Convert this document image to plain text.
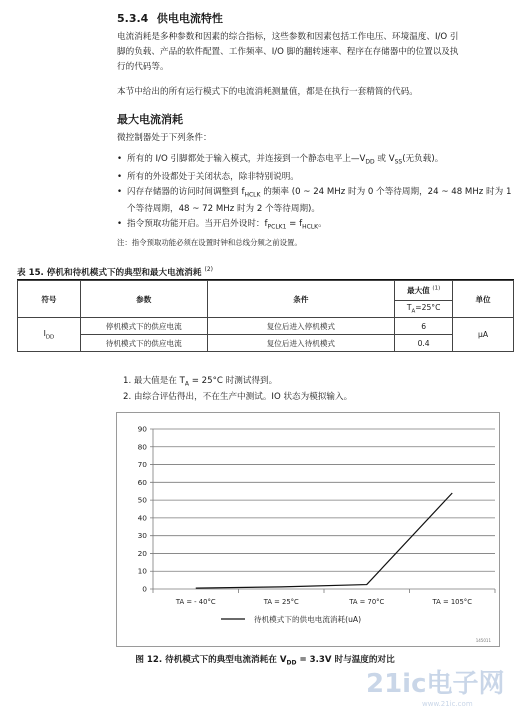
5.3.4 供电电流特性
电流消耗是多种参数和因素的综合指标，这些参数和因素包括工作电压、环境温度、I/O 引
脚的负载、产品的软件配置、工作频率、I/O 脚的翻转速率、程序在存储器中的位置以及执
行的代码等。
本节中给出的所有运行模式下的电流消耗测量值，都是在执行一套精简的代码。
最大电流消耗
微控制器处于下列条件：
• 所有的 I/O 引脚都处于输入模式，并连接到一个静态电平上$—V_{DD}$ 或 $V_{SS}$(无负载)。
• 所有的外设都处于关闭状态，除非特别说明。
• 闪存存储器的访问时间调整到 $f_{HCLK}$ 的频率 (0 ~ 24 MHz 时为 0 个等待周期，24 ~ 48 MHz 时为 1 个等待周期，48 ~ 72 MHz 时为 2 个等待周期)。
• 指令预取功能开启。当开启外设时：$f_{PCLK1} = f_{HCLK}$。
注：指令预取功能必须在设置时钟和总线分频之前设置。
表 15. 停机和待机模式下的典型和最大电流消耗 $^{(2)}$
符号	参数	条件	最大值 $^{(1)}$	单位
			$T_A=25^\circ C$	
$I_{DD}$	停机模式下的供应电流	复位后进入停机模式	6	μA
	待机模式下的供应电流	复位后进入待机模式	0.4	
1. 最大值是在 $T_A = 25^\circ C$ 时测试得到。
2. 由综合评估得出，不在生产中测试。IO 状态为模拟输入。
0
10
20
30
40
50
60
70
80
90
TA = - 40°C	TA = 25°C	TA = 70°C	TA = 105°C
待机模式下的供电电流消耗(uA)
145011
图 12. 待机模式下的典型电流消耗在 $V_{DD} = 3.3V$ 时与温度的对比
21ic电子网
www.21ic.com
